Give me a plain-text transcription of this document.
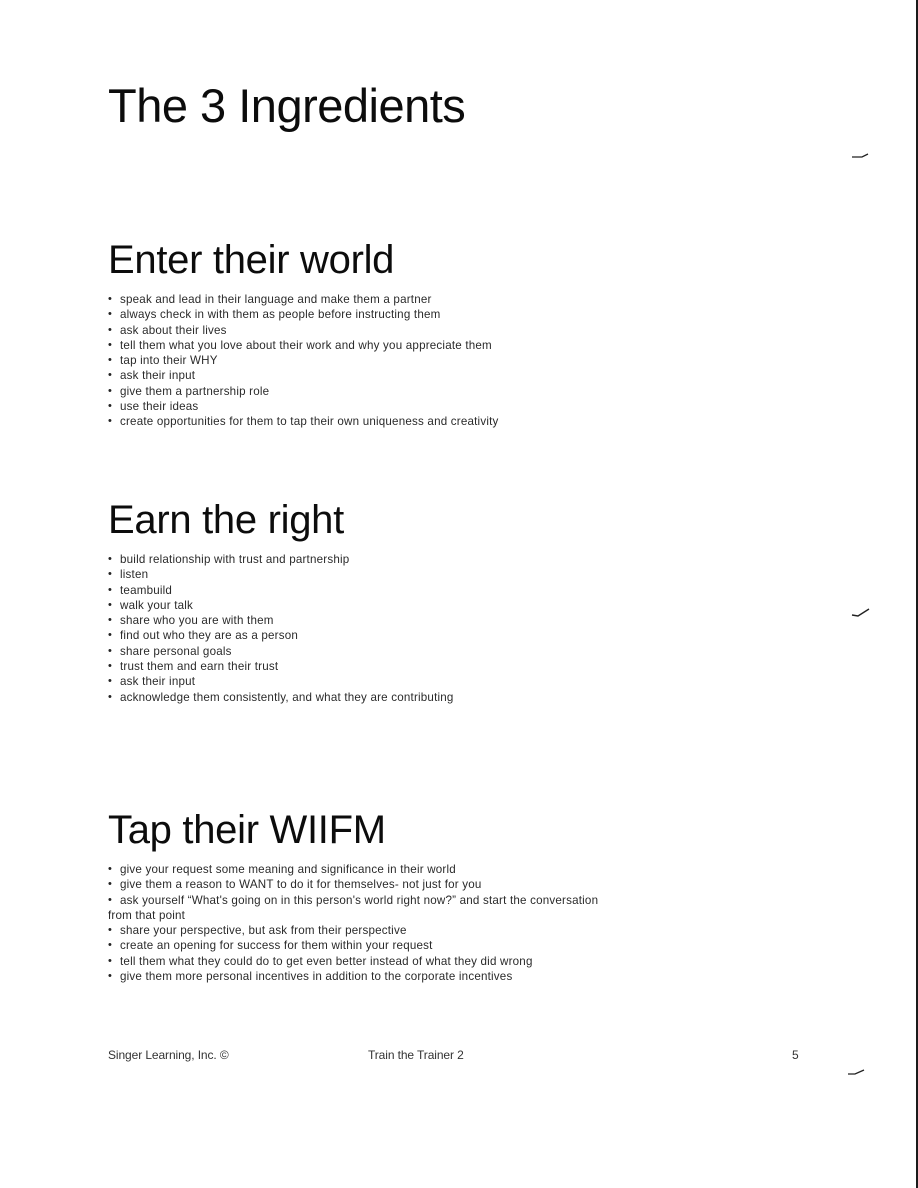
The 3 Ingredients
Enter their world
• speak and lead in their language and make them a partner
• always check in with them as people before instructing them
• ask about their lives
• tell them what you love about their work and why you appreciate them
• tap into their WHY
• ask their input
• give them a partnership role
• use their ideas
• create opportunities for them to tap their own uniqueness and creativity
Earn the right
• build relationship with trust and partnership
• listen
• teambuild
• walk your talk
• share who you are with them
• find out who they are as a person
• share personal goals
• trust them and earn their trust
• ask their input
• acknowledge them consistently, and what they are contributing
Tap their WIIFM
• give your request some meaning and significance in their world
• give them a reason to WANT to do it for themselves- not just for you
• ask yourself “What's going on in this person's world right now?” and start the conversation
from that point
• share your perspective, but ask from their perspective
• create an opening for success for them within your request
• tell them what they could do to get even better instead of what they did wrong
• give them more personal incentives in addition to the corporate incentives
Singer Learning, Inc. ©	Train the Trainer 2	5
